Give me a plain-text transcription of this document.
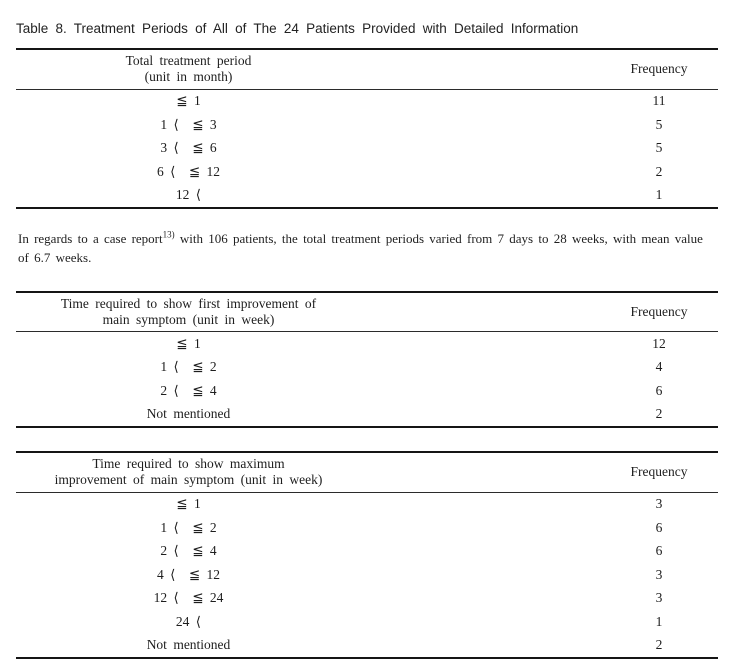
Table 8. Treatment Periods of All of The 24 Patients Provided with Detailed Information

Total treatment period
(unit in month)
Frequency
≦ 1	11
1 ⟨ ≦ 3	5
3 ⟨ ≦ 6	5
6 ⟨ ≦ 12	2
12 ⟨	1

In regards to a case report$^{13)}$ with 106 patients, the total treatment periods varied from 7 days to 28 weeks, with mean value of 6.7 weeks.

Time required to show first improvement of
main symptom (unit in week)
Frequency
≦ 1	12
1 ⟨ ≦ 2	4
2 ⟨ ≦ 4	6
Not mentioned	2
Time required to show maximum
improvement of main symptom (unit in week)
Frequency
≦ 1	3
1 ⟨ ≦ 2	6
2 ⟨ ≦ 4	6
4 ⟨ ≦ 12	3
12 ⟨ ≦ 24	3
24 ⟨	1
Not mentioned	2
